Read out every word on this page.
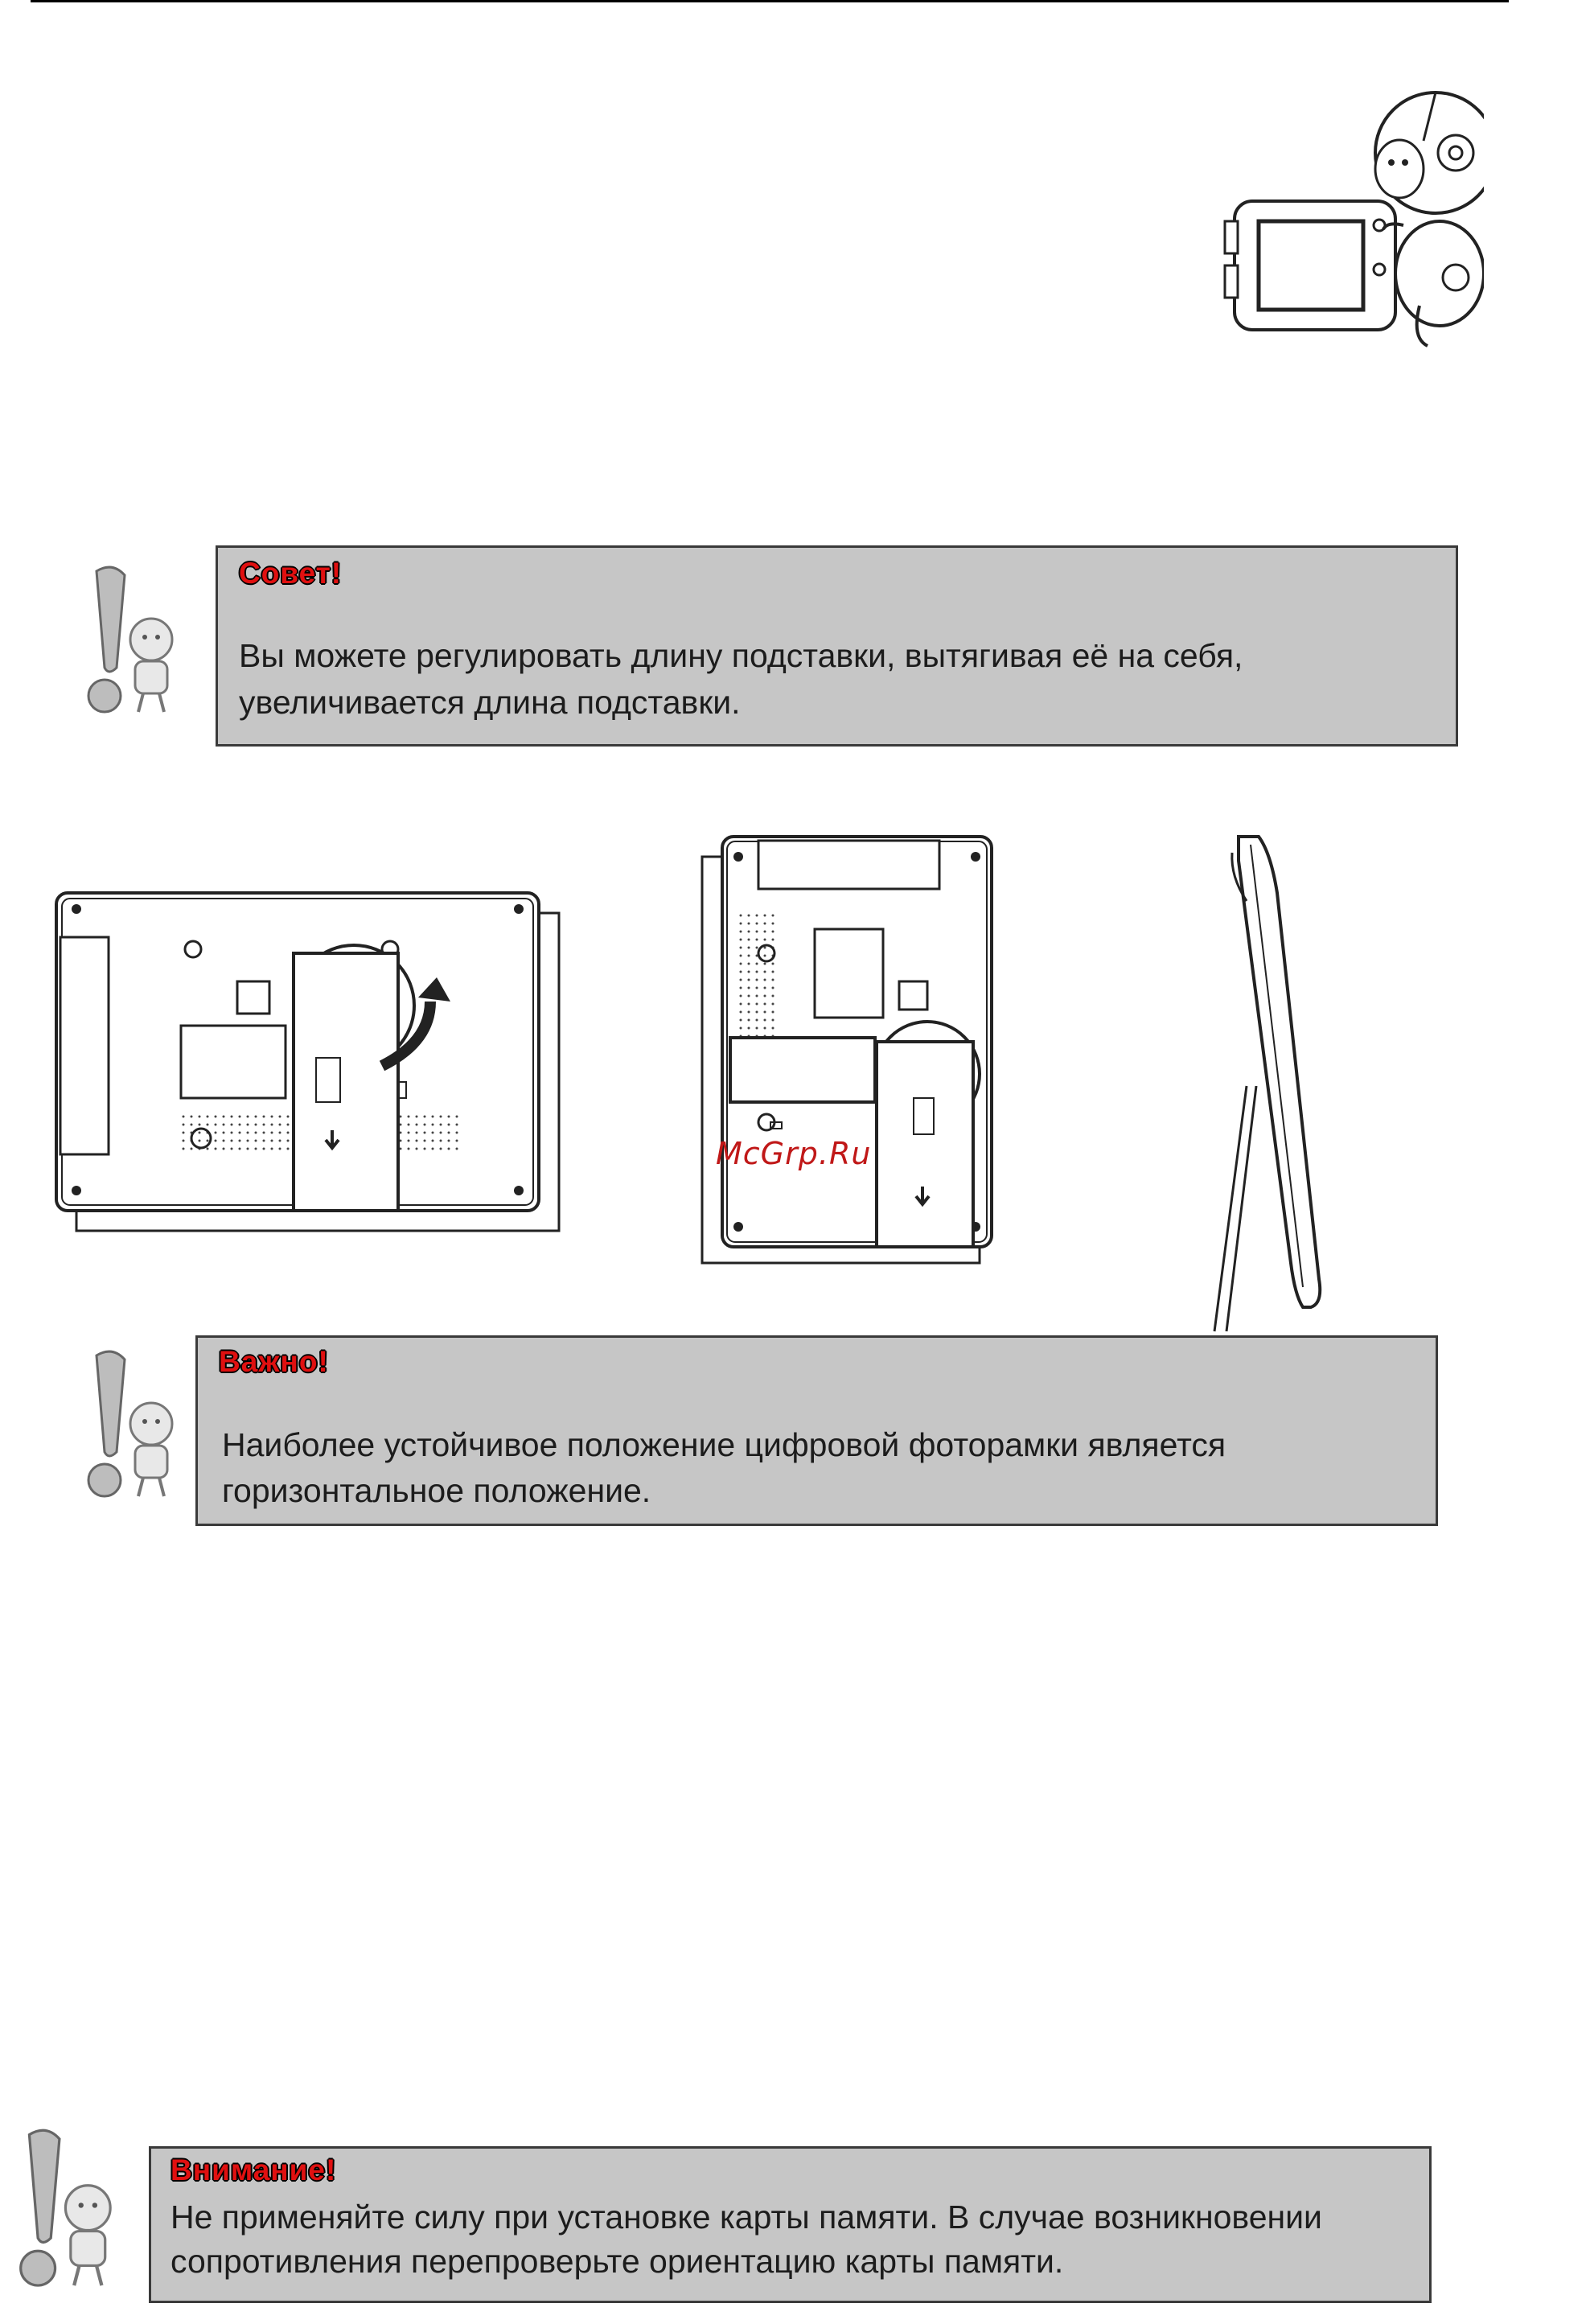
Совет!
Вы можете регулировать длину подставки, вытягивая её на себя,
увеличивается длина подставки.
McGrp.Ru
Важно!
Наиболее устойчивое положение цифровой фоторамки является
горизонтальное положение.
Внимание!
Не применяйте силу при установке карты памяти. В случае возникновении
сопротивления перепроверьте ориентацию карты памяти.
